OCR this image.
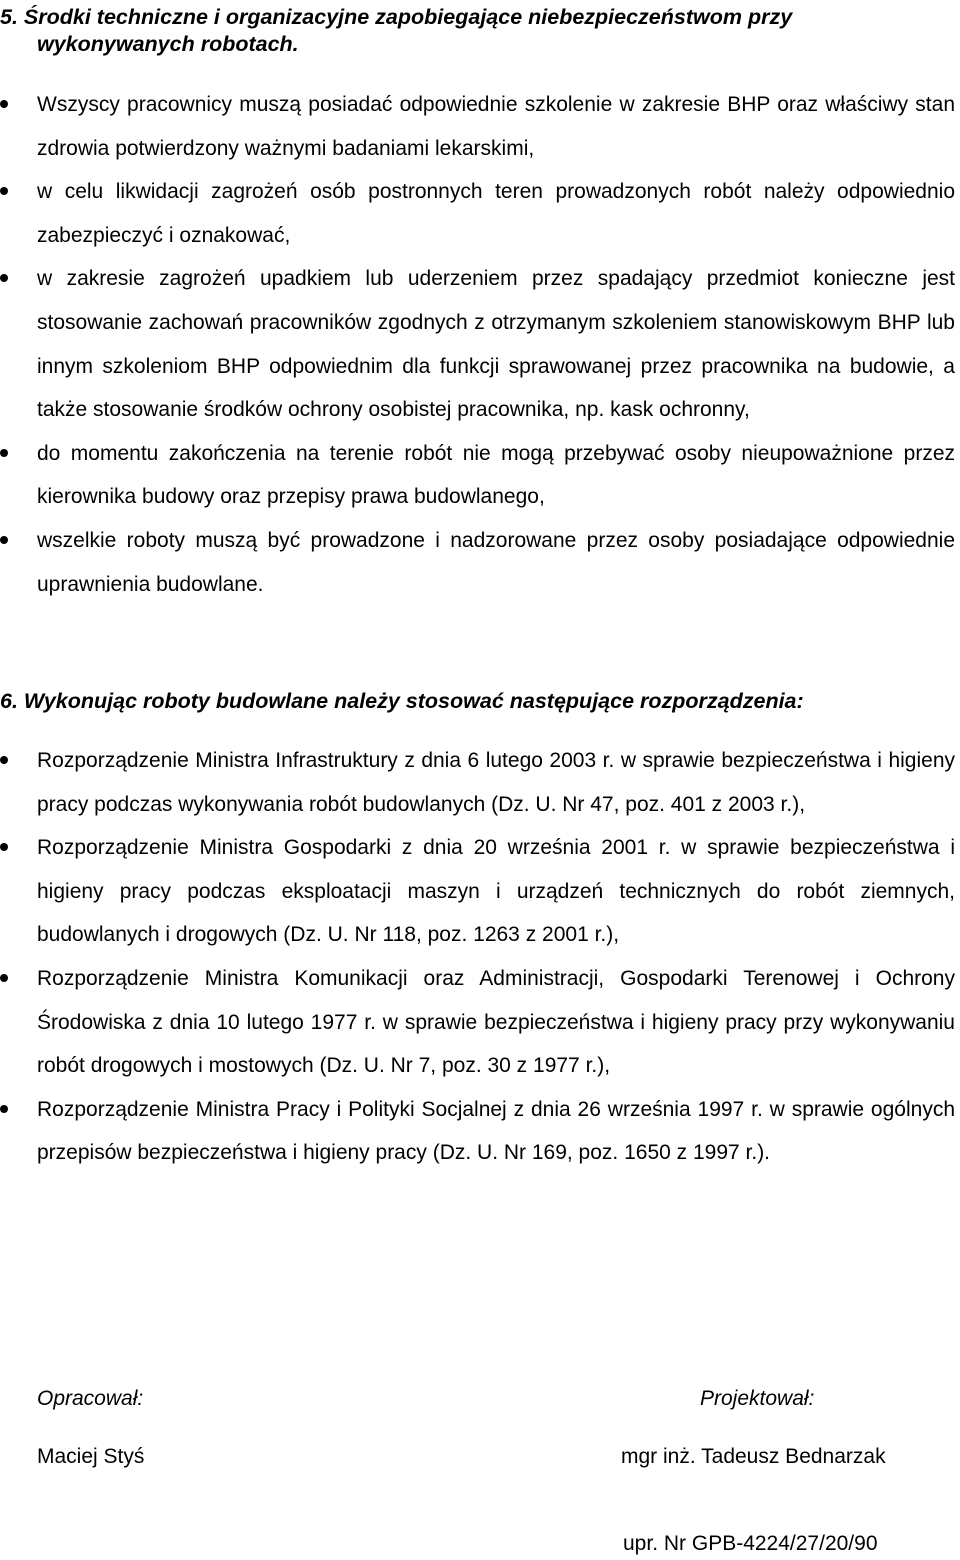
5. Środki techniczne i organizacyjne zapobiegające niebezpieczeństwom przy
wykonywanych robotach.
Wszyscy pracownicy muszą posiadać odpowiednie szkolenie w zakresie BHP oraz właściwy stan zdrowia potwierdzony ważnymi badaniami lekarskimi,
w celu likwidacji zagrożeń osób postronnych teren prowadzonych robót należy odpowiednio zabezpieczyć i oznakować,
w zakresie zagrożeń upadkiem lub uderzeniem przez spadający przedmiot konieczne jest stosowanie zachowań pracowników zgodnych z otrzymanym szkoleniem stanowiskowym BHP lub innym szkoleniom BHP odpowiednim dla funkcji sprawowanej przez pracownika na budowie, a także stosowanie środków ochrony osobistej pracownika, np. kask ochronny,
do momentu zakończenia na terenie robót nie mogą przebywać osoby nieupoważnione przez kierownika budowy oraz przepisy prawa budowlanego,
wszelkie roboty muszą być prowadzone i nadzorowane przez osoby posiadające odpowiednie uprawnienia budowlane.
6. Wykonując roboty budowlane należy stosować następujące rozporządzenia:
Rozporządzenie Ministra Infrastruktury z dnia 6 lutego 2003 r. w sprawie bezpieczeństwa i higieny pracy podczas wykonywania robót budowlanych (Dz. U. Nr 47, poz. 401 z 2003 r.),
Rozporządzenie Ministra Gospodarki z dnia 20 września 2001 r. w sprawie bezpieczeństwa i higieny pracy podczas eksploatacji maszyn i urządzeń technicznych do robót ziemnych, budowlanych i drogowych (Dz. U. Nr 118, poz. 1263 z 2001 r.),
Rozporządzenie Ministra Komunikacji oraz Administracji, Gospodarki Terenowej i Ochrony Środowiska z dnia 10 lutego 1977 r. w sprawie bezpieczeństwa i higieny pracy przy wykonywaniu robót drogowych i mostowych (Dz. U. Nr 7, poz. 30 z 1977 r.),
Rozporządzenie Ministra Pracy i Polityki Socjalnej z dnia 26 września 1997 r. w sprawie ogólnych przepisów bezpieczeństwa i higieny pracy (Dz. U. Nr 169, poz. 1650 z 1997 r.).
Opracował:
Maciej Styś
Projektował:
mgr inż. Tadeusz Bednarzak
upr. Nr GPB-4224/27/20/90
